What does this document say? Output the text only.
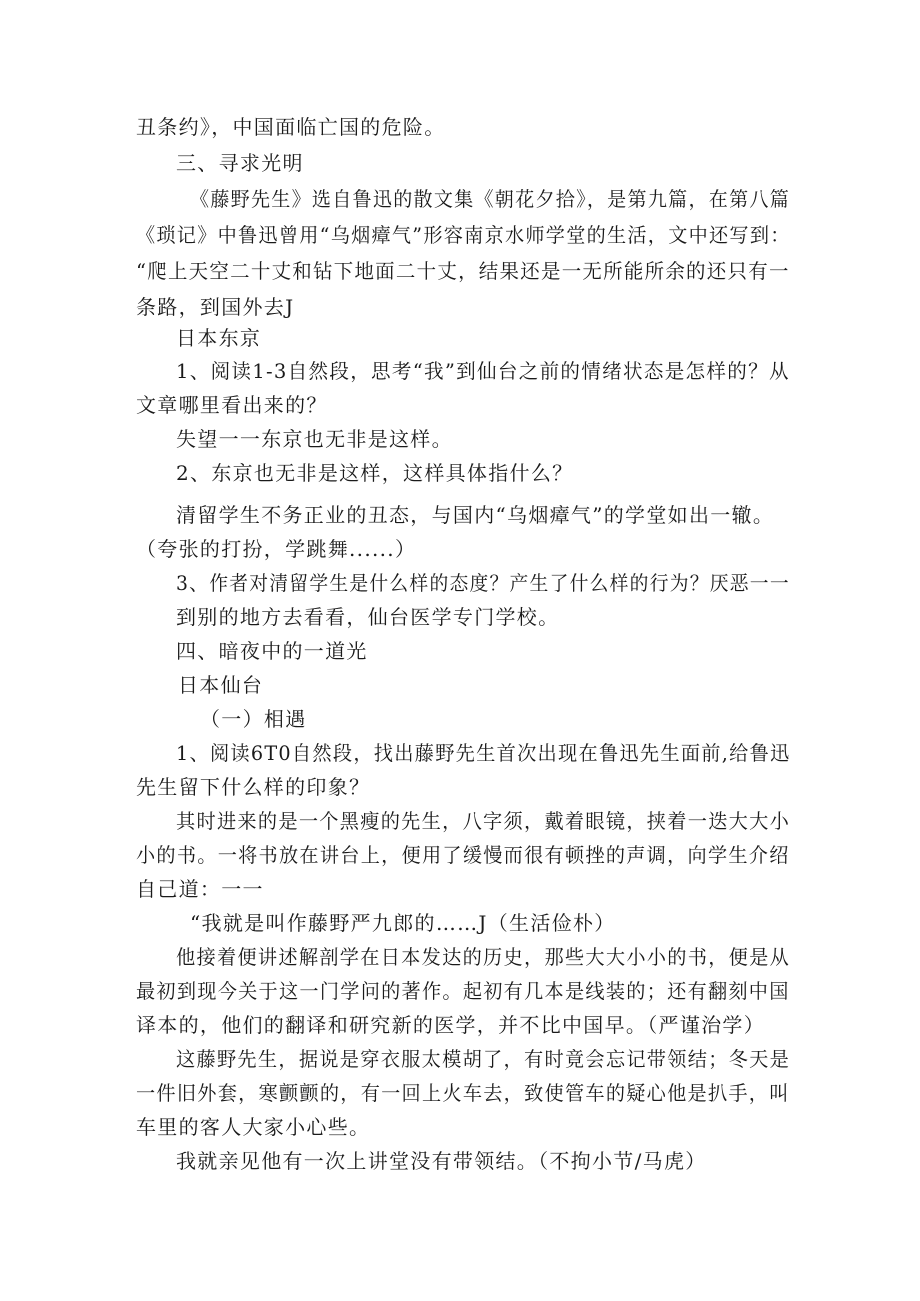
丑条约》，中国面临亡国的危险。

三、寻求光明

《藤野先生》选自鲁迅的散文集《朝花夕拾》，是第九篇，在第八篇

《琐记》中鲁迅曾用“乌烟瘴气”形容南京水师学堂的生活，文中还写到：

“爬上天空二十丈和钻下地面二十丈，结果还是一无所能所余的还只有一

条路，到国外去J

日本东京

1、阅读1-3自然段，思考“我”到仙台之前的情绪状态是怎样的？从

文章哪里看出来的？

失望一一东京也无非是这样。

2、东京也无非是这样，这样具体指什么？

清留学生不务正业的丑态，与国内“乌烟瘴气”的学堂如出一辙。

（夸张的打扮，学跳舞......）

3、作者对清留学生是什么样的态度？产生了什么样的行为？厌恶一一

到别的地方去看看，仙台医学专门学校。

四、暗夜中的一道光

日本仙台

（一）相遇

1、阅读6T0自然段，找出藤野先生首次出现在鲁迅先生面前,给鲁迅

先生留下什么样的印象？

其时进来的是一个黑瘦的先生，八字须，戴着眼镜，挟着一迭大大小

小的书。一将书放在讲台上，便用了缓慢而很有顿挫的声调，向学生介绍

自己道：一一

“我就是叫作藤野严九郎的……J（生活俭朴）

他接着便讲述解剖学在日本发达的历史，那些大大小小的书，便是从

最初到现今关于这一门学问的著作。起初有几本是线装的；还有翻刻中国

译本的，他们的翻译和研究新的医学，并不比中国早。（严谨治学）

这藤野先生，据说是穿衣服太模胡了，有时竟会忘记带领结；冬天是

一件旧外套，寒颤颤的，有一回上火车去，致使管车的疑心他是扒手，叫

车里的客人大家小心些。

我就亲见他有一次上讲堂没有带领结。（不拘小节/马虎）
